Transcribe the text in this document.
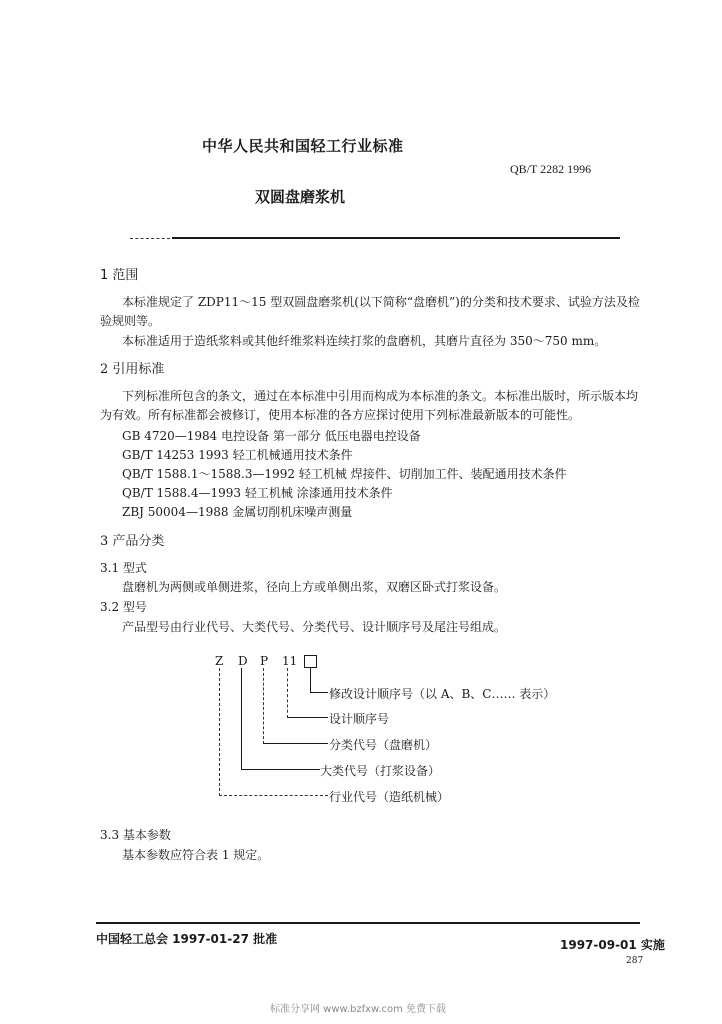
中华人民共和国轻工行业标准
QB/T 2282 1996
双圆盘磨浆机
1 范围
本标准规定了 ZDP11～15 型双圆盘磨浆机(以下简称“盘磨机”)的分类和技术要求、试验方法及检
验规则等。
本标准适用于造纸浆料或其他纤维浆料连续打浆的盘磨机，其磨片直径为 350～750 mm。
2 引用标准
下列标准所包含的条文，通过在本标准中引用而构成为本标准的条文。本标准出版时，所示版本均
为有效。所有标准都会被修订，使用本标准的各方应探讨使用下列标准最新版本的可能性。
GB 4720—1984 电控设备 第一部分 低压电器电控设备
GB/T 14253 1993 轻工机械通用技术条件
QB/T 1588.1～1588.3—1992 轻工机械 焊接件、切削加工件、装配通用技术条件
QB/T 1588.4—1993 轻工机械 涂漆通用技术条件
ZBJ 50004—1988 金属切削机床噪声测量
3 产品分类
3.1 型式
盘磨机为两侧或单侧进浆，径向上方或单侧出浆，双磨区卧式打浆设备。
3.2 型号
产品型号由行业代号、大类代号、分类代号、设计顺序号及尾注号组成。
Z D P 11
修改设计顺序号（以 A、B、C…… 表示）
设计顺序号
分类代号（盘磨机）
大类代号（打浆设备）
行业代号（造纸机械）
3.3 基本参数
基本参数应符合表 1 规定。
中国轻工总会 1997-01-27 批准	1997-09-01 实施
287
标准分享网 www.bzfxw.com 免费下载
